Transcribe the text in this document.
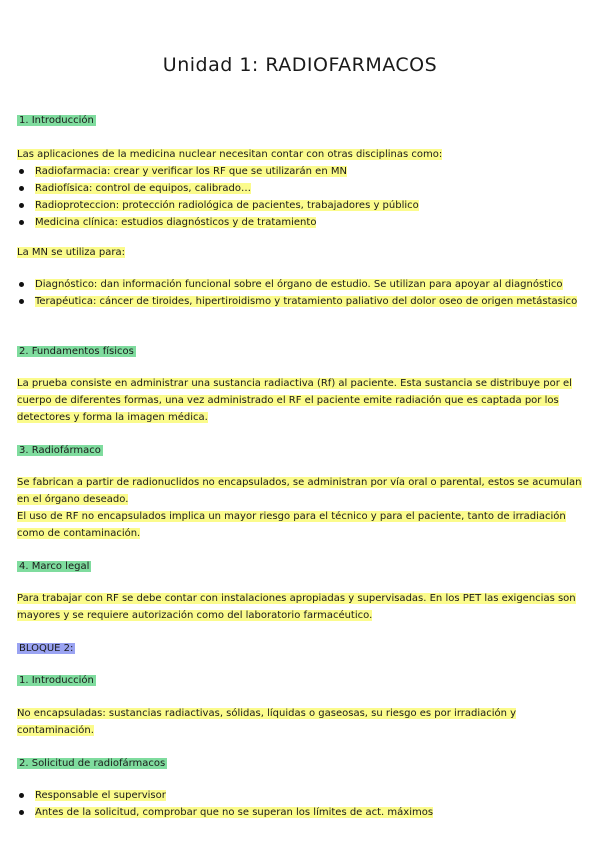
Unidad 1: RADIOFARMACOS
1. Introducción

Las aplicaciones de la medicina nuclear necesitan contar con otras disciplinas como:

Radiofarmacia: crear y verificar los RF que se utilizarán en MN
Radiofísica: control de equipos, calibrado…
Radioproteccion: protección radiológica de pacientes, trabajadores y público
Medicina clínica: estudios diagnósticos y de tratamiento
La MN se utiliza para:
Diagnóstico: dan información funcional sobre el órgano de estudio. Se utilizan para apoyar al diagnóstico
Terapéutica: cáncer de tiroides, hipertiroidismo y tratamiento paliativo del dolor oseo de origen metástasico
2. Fundamentos físicos

La prueba consiste en administrar una sustancia radiactiva (Rf) al paciente. Esta sustancia se distribuye por el cuerpo de diferentes formas, una vez administrado el RF el paciente emite radiación que es captada por los detectores y forma la imagen médica.

3. Radiofármaco

Se fabrican a partir de radionuclidos no encapsulados, se administran por vía oral o parental, estos se acumulan en el órgano deseado.

El uso de RF no encapsulados implica un mayor riesgo para el técnico y para el paciente, tanto de irradiación como de contaminación.

4. Marco legal

Para trabajar con RF se debe contar con instalaciones apropiadas y supervisadas. En los PET las exigencias son mayores y se requiere autorización como del laboratorio farmacéutico.

BLOQUE 2:
1. Introducción

No encapsuladas: sustancias radiactivas, sólidas, líquidas o gaseosas, su riesgo es por irradiación y contaminación.

2. Solicitud de radiofármacos
Responsable el supervisor
Antes de la solicitud, comprobar que no se superan los límites de act. máximos
